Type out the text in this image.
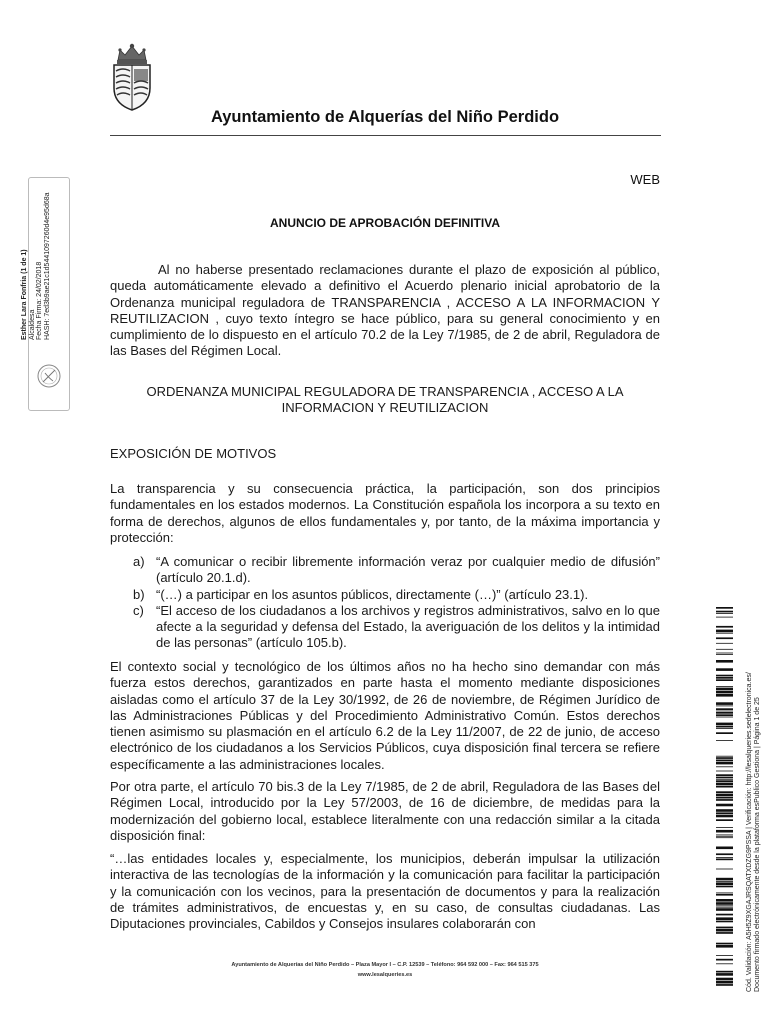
Ayuntamiento de Alquerías del Niño Perdido
Esther Lara Fonfria (1 de 1) Alcaldesa Fecha Firma: 24/02/2018 HASH: 7ed3b9ae21c1d5441097260d4e95d68a
WEB
ANUNCIO DE APROBACIÓN DEFINITIVA
Al no haberse presentado reclamaciones durante el plazo de exposición al público, queda automáticamente elevado a definitivo el Acuerdo plenario inicial aprobatorio de la Ordenanza municipal reguladora de TRANSPARENCIA , ACCESO A LA INFORMACION Y REUTILIZACION , cuyo texto íntegro se hace público, para su general conocimiento y en cumplimiento de lo dispuesto en el artículo 70.2 de la Ley 7/1985, de 2 de abril, Reguladora de las Bases del Régimen Local.
ORDENANZA MUNICIPAL REGULADORA DE TRANSPARENCIA , ACCESO A LA INFORMACION Y REUTILIZACION
EXPOSICIÓN DE MOTIVOS
La transparencia y su consecuencia práctica, la participación, son dos principios fundamentales en los estados modernos. La Constitución española los incorpora a su texto en forma de derechos, algunos de ellos fundamentales y, por tanto, de la máxima importancia y protección:
a) “A comunicar o recibir libremente información veraz por cualquier medio de difusión” (artículo 20.1.d).
b) “(…) a participar en los asuntos públicos, directamente (…)” (artículo 23.1).
c) “El acceso de los ciudadanos a los archivos y registros administrativos, salvo en lo que afecte a la seguridad y defensa del Estado, la averiguación de los delitos y la intimidad de las personas” (artículo 105.b).
El contexto social y tecnológico de los últimos años no ha hecho sino demandar con más fuerza estos derechos, garantizados en parte hasta el momento mediante disposiciones aisladas como el artículo 37 de la Ley 30/1992, de 26 de noviembre, de Régimen Jurídico de las Administraciones Públicas y del Procedimiento Administrativo Común. Estos derechos tienen asimismo su plasmación en el artículo 6.2 de la Ley 11/2007, de 22 de junio, de acceso electrónico de los ciudadanos a los Servicios Públicos, cuya disposición final tercera se refiere específicamente a las administraciones locales.
Por otra parte, el artículo 70 bis.3 de la Ley 7/1985, de 2 de abril, Reguladora de las Bases del Régimen Local, introducido por la Ley 57/2003, de 16 de diciembre, de medidas para la modernización del gobierno local, establece literalmente con una redacción similar a la citada disposición final:
“…las entidades locales y, especialmente, los municipios, deberán impulsar la utilización interactiva de las tecnologías de la información y la comunicación para facilitar la participación y la comunicación con los vecinos, para la presentación de documentos y para la realización de trámites administrativos, de encuestas y, en su caso, de consultas ciudadanas. Las Diputaciones provinciales, Cabildos y Consejos insulares colaborarán con
Ayuntamiento de Alquerías del Niño Perdido – Plaza Mayor I – C.P. 12539 – Teléfono: 964 592 000 – Fax: 964 515 375
www.lesalqueries.es	Cód. Validación: A5H5Z9XGAJRSQATXDZG9PSSA | Verificación: http://lesalqueries.sedelectronica.es/ Documento firmado electrónicamente desde la plataforma esPublico Gestiona | Página 1 de 25
